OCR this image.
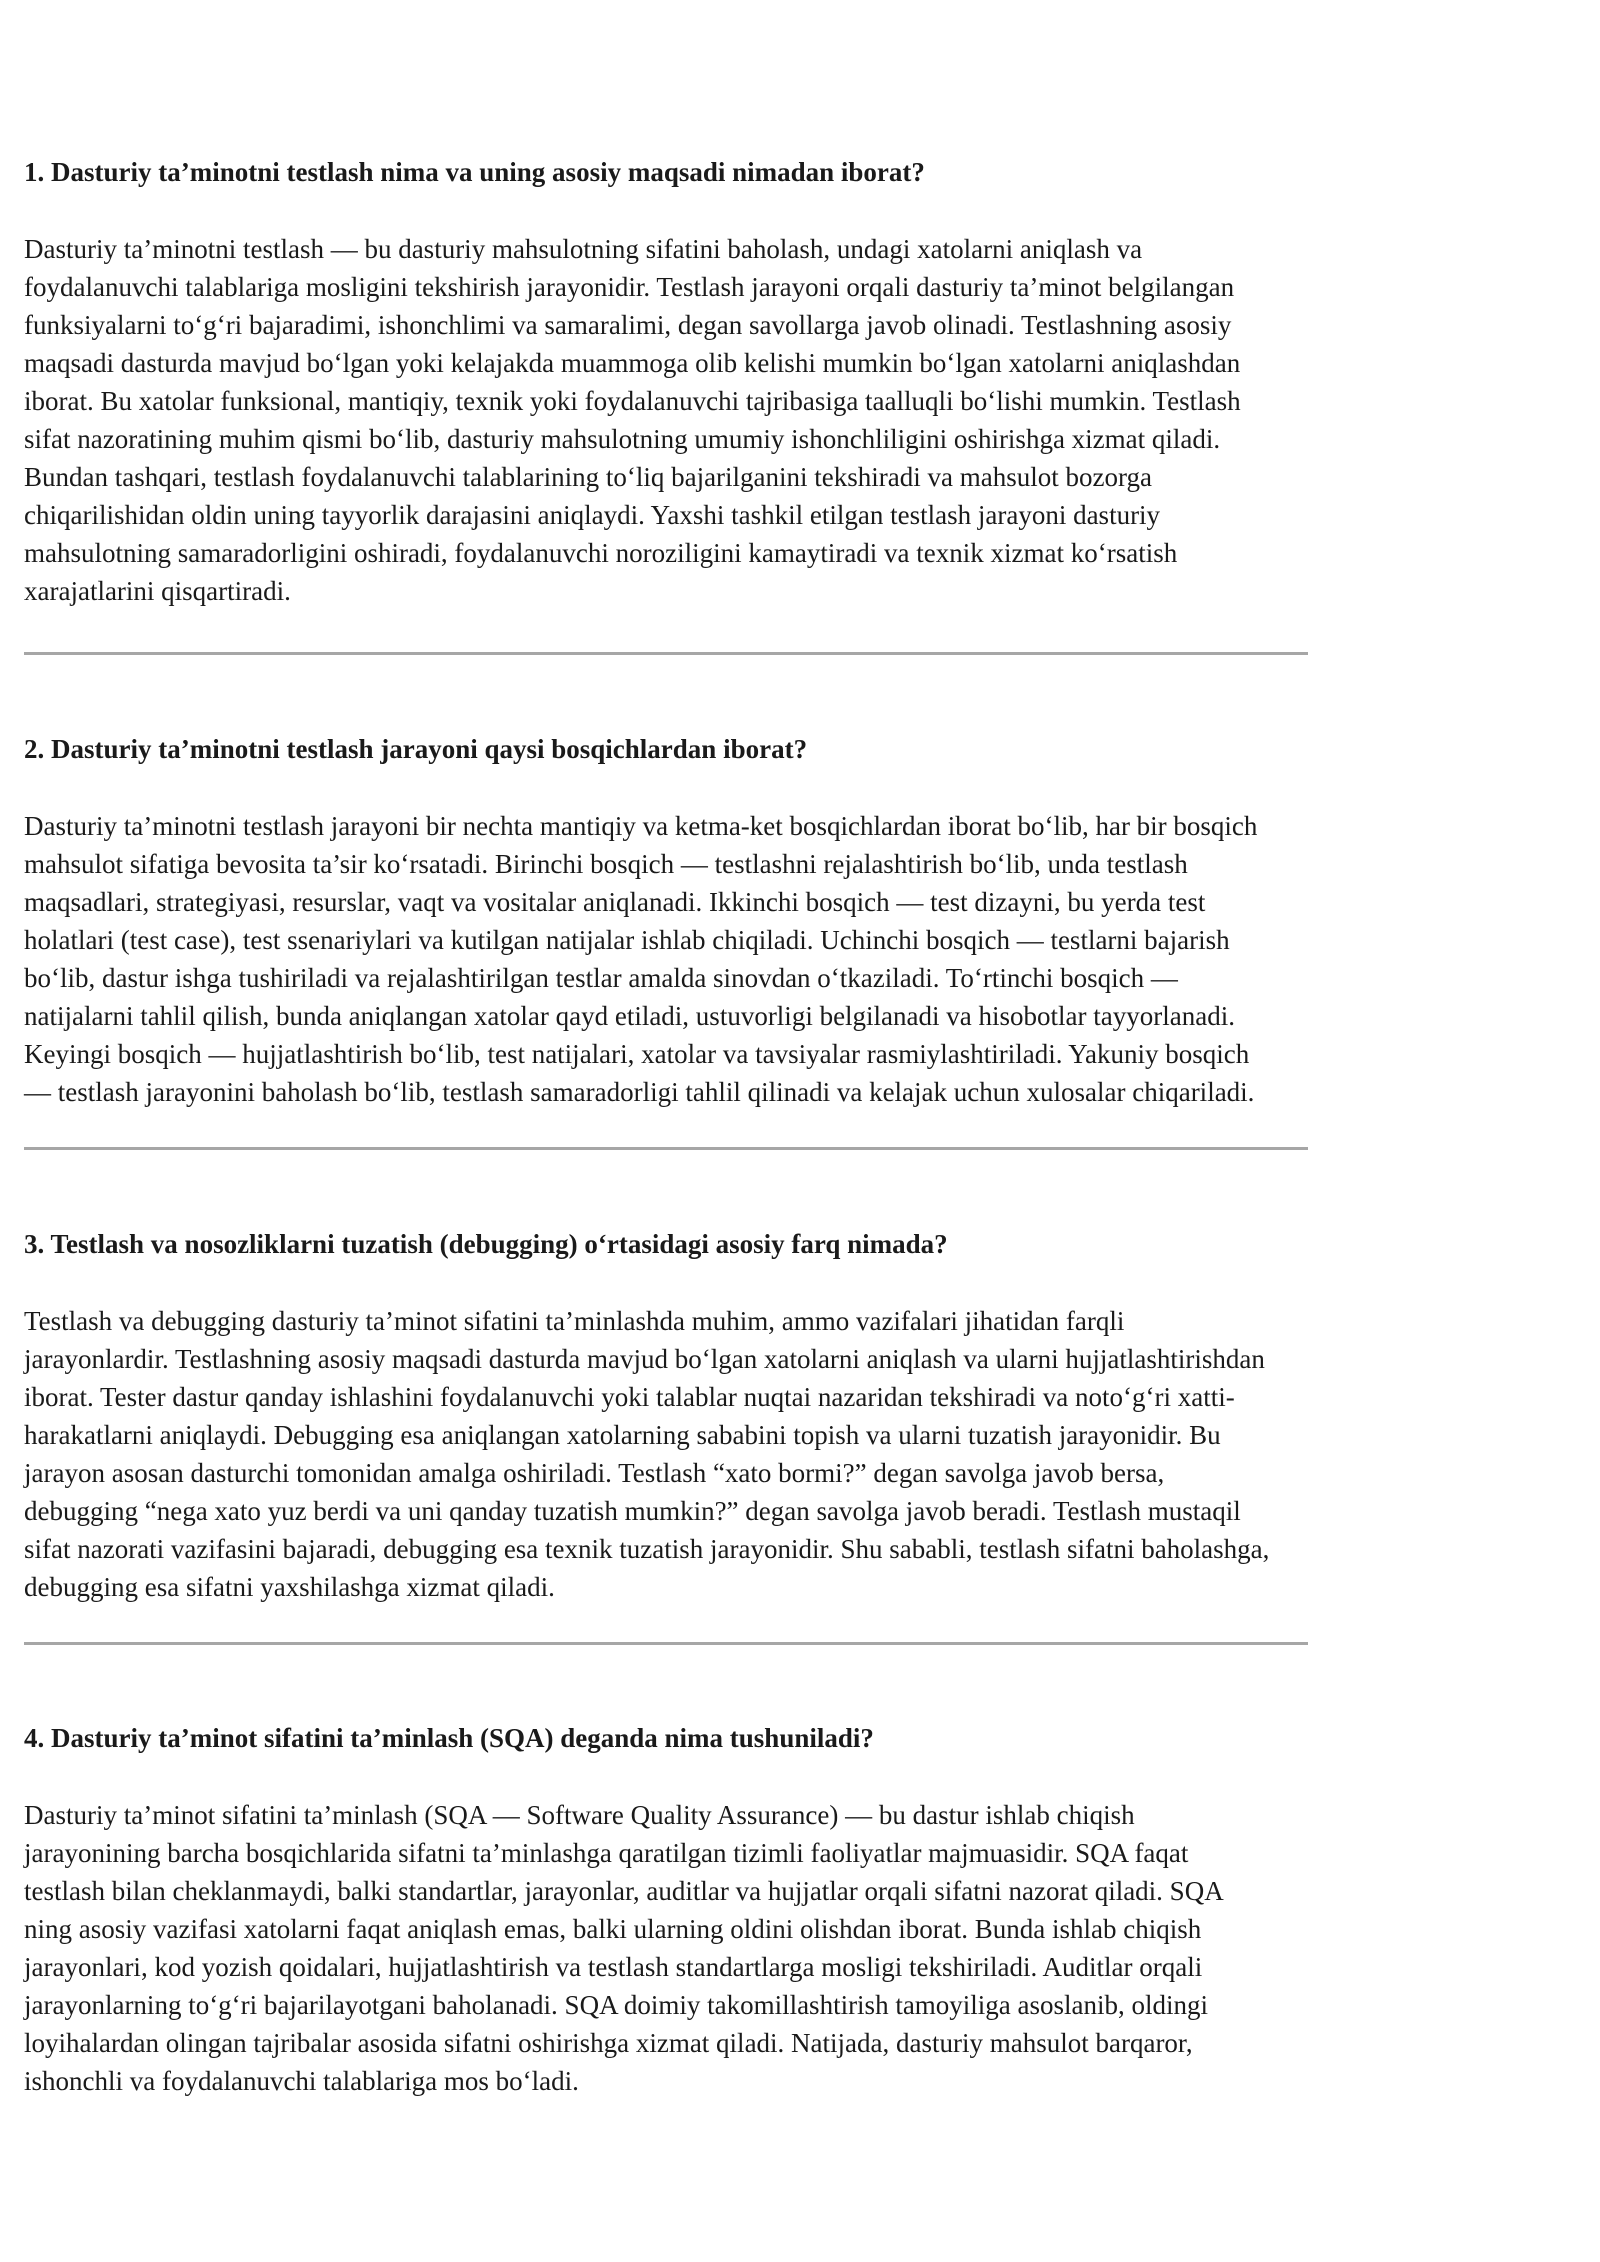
1. Dasturiy ta’minotni testlash nima va uning asosiy maqsadi nimadan iborat?

Dasturiy ta’minotni testlash — bu dasturiy mahsulotning sifatini baholash, undagi xatolarni aniqlash va
foydalanuvchi talablariga mosligini tekshirish jarayonidir. Testlash jarayoni orqali dasturiy ta’minot belgilangan
funksiyalarni to‘g‘ri bajaradimi, ishonchlimi va samaralimi, degan savollarga javob olinadi. Testlashning asosiy
maqsadi dasturda mavjud bo‘lgan yoki kelajakda muammoga olib kelishi mumkin bo‘lgan xatolarni aniqlashdan
iborat. Bu xatolar funksional, mantiqiy, texnik yoki foydalanuvchi tajribasiga taalluqli bo‘lishi mumkin. Testlash
sifat nazoratining muhim qismi bo‘lib, dasturiy mahsulotning umumiy ishonchliligini oshirishga xizmat qiladi.
Bundan tashqari, testlash foydalanuvchi talablarining to‘liq bajarilganini tekshiradi va mahsulot bozorga
chiqarilishidan oldin uning tayyorlik darajasini aniqlaydi. Yaxshi tashkil etilgan testlash jarayoni dasturiy
mahsulotning samaradorligini oshiradi, foydalanuvchi noroziligini kamaytiradi va texnik xizmat ko‘rsatish
xarajatlarini qisqartiradi.

2. Dasturiy ta’minotni testlash jarayoni qaysi bosqichlardan iborat?

Dasturiy ta’minotni testlash jarayoni bir nechta mantiqiy va ketma-ket bosqichlardan iborat bo‘lib, har bir bosqich
mahsulot sifatiga bevosita ta’sir ko‘rsatadi. Birinchi bosqich — testlashni rejalashtirish bo‘lib, unda testlash
maqsadlari, strategiyasi, resurslar, vaqt va vositalar aniqlanadi. Ikkinchi bosqich — test dizayni, bu yerda test
holatlari (test case), test ssenariylari va kutilgan natijalar ishlab chiqiladi. Uchinchi bosqich — testlarni bajarish
bo‘lib, dastur ishga tushiriladi va rejalashtirilgan testlar amalda sinovdan o‘tkaziladi. To‘rtinchi bosqich —
natijalarni tahlil qilish, bunda aniqlangan xatolar qayd etiladi, ustuvorligi belgilanadi va hisobotlar tayyorlanadi.
Keyingi bosqich — hujjatlashtirish bo‘lib, test natijalari, xatolar va tavsiyalar rasmiylashtiriladi. Yakuniy bosqich
— testlash jarayonini baholash bo‘lib, testlash samaradorligi tahlil qilinadi va kelajak uchun xulosalar chiqariladi.

3. Testlash va nosozliklarni tuzatish (debugging) o‘rtasidagi asosiy farq nimada?

Testlash va debugging dasturiy ta’minot sifatini ta’minlashda muhim, ammo vazifalari jihatidan farqli
jarayonlardir. Testlashning asosiy maqsadi dasturda mavjud bo‘lgan xatolarni aniqlash va ularni hujjatlashtirishdan
iborat. Tester dastur qanday ishlashini foydalanuvchi yoki talablar nuqtai nazaridan tekshiradi va noto‘g‘ri xatti-
harakatlarni aniqlaydi. Debugging esa aniqlangan xatolarning sababini topish va ularni tuzatish jarayonidir. Bu
jarayon asosan dasturchi tomonidan amalga oshiriladi. Testlash “xato bormi?” degan savolga javob bersa,
debugging “nega xato yuz berdi va uni qanday tuzatish mumkin?” degan savolga javob beradi. Testlash mustaqil
sifat nazorati vazifasini bajaradi, debugging esa texnik tuzatish jarayonidir. Shu sababli, testlash sifatni baholashga,
debugging esa sifatni yaxshilashga xizmat qiladi.

4. Dasturiy ta’minot sifatini ta’minlash (SQA) deganda nima tushuniladi?

Dasturiy ta’minot sifatini ta’minlash (SQA — Software Quality Assurance) — bu dastur ishlab chiqish
jarayonining barcha bosqichlarida sifatni ta’minlashga qaratilgan tizimli faoliyatlar majmuasidir. SQA faqat
testlash bilan cheklanmaydi, balki standartlar, jarayonlar, auditlar va hujjatlar orqali sifatni nazorat qiladi. SQA
ning asosiy vazifasi xatolarni faqat aniqlash emas, balki ularning oldini olishdan iborat. Bunda ishlab chiqish
jarayonlari, kod yozish qoidalari, hujjatlashtirish va testlash standartlarga mosligi tekshiriladi. Auditlar orqali
jarayonlarning to‘g‘ri bajarilayotgani baholanadi. SQA doimiy takomillashtirish tamoyiliga asoslanib, oldingi
loyihalardan olingan tajribalar asosida sifatni oshirishga xizmat qiladi. Natijada, dasturiy mahsulot barqaror,
ishonchli va foydalanuvchi talablariga mos bo‘ladi.
